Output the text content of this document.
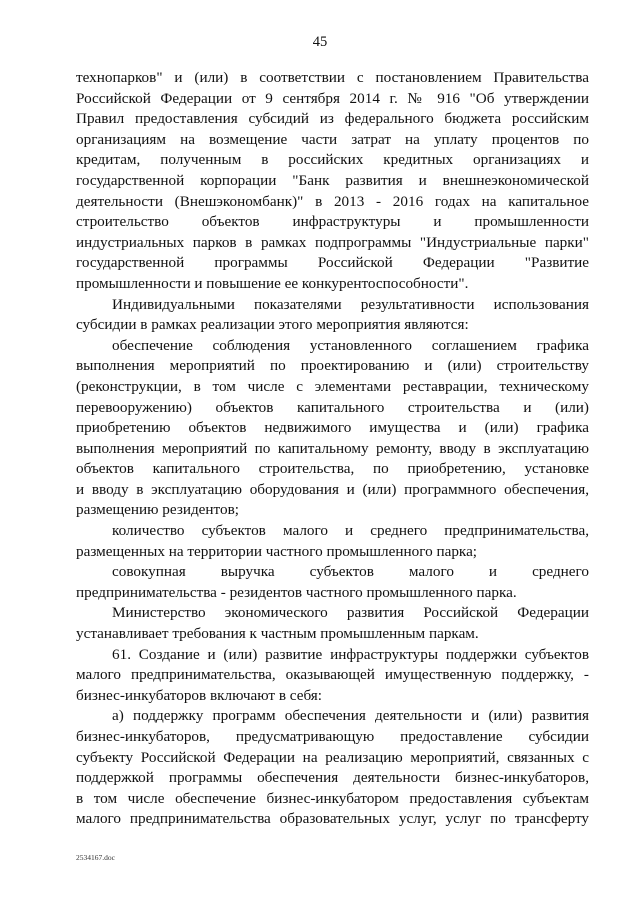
45
технопарков" и (или) в соответствии с постановлением Правительства
Российской Федерации от 9 сентября 2014 г. № 916 "Об утверждении
Правил предоставления субсидий из федерального бюджета российским
организациям на возмещение части затрат на уплату процентов по
кредитам, полученным в российских кредитных организациях и
государственной корпорации "Банк развития и внешнеэкономической
деятельности (Внешэкономбанк)" в 2013 - 2016 годах на капитальное
строительство объектов инфраструктуры и промышленности
индустриальных парков в рамках подпрограммы "Индустриальные парки"
государственной программы Российской Федерации "Развитие
промышленности и повышение ее конкурентоспособности".
Индивидуальными показателями результативности использования
субсидии в рамках реализации этого мероприятия являются:
обеспечение соблюдения установленного соглашением графика
выполнения мероприятий по проектированию и (или) строительству
(реконструкции, в том числе с элементами реставрации, техническому
перевооружению) объектов капитального строительства и (или)
приобретению объектов недвижимого имущества и (или) графика
выполнения мероприятий по капитальному ремонту, вводу в эксплуатацию
объектов капитального строительства, по приобретению, установке
и вводу в эксплуатацию оборудования и (или) программного обеспечения,
размещению резидентов;
количество субъектов малого и среднего предпринимательства,
размещенных на территории частного промышленного парка;
совокупная выручка субъектов малого и среднего
предпринимательства - резидентов частного промышленного парка.
Министерство экономического развития Российской Федерации
устанавливает требования к частным промышленным паркам.
61. Создание и (или) развитие инфраструктуры поддержки субъектов
малого предпринимательства, оказывающей имущественную поддержку, -
бизнес-инкубаторов включают в себя:
а) поддержку программ обеспечения деятельности и (или) развития
бизнес-инкубаторов, предусматривающую предоставление субсидии
субъекту Российской Федерации на реализацию мероприятий, связанных с
поддержкой программы обеспечения деятельности бизнес-инкубаторов,
в том числе обеспечение бизнес-инкубатором предоставления субъектам
малого предпринимательства образовательных услуг, услуг по трансферту
2534167.doc
